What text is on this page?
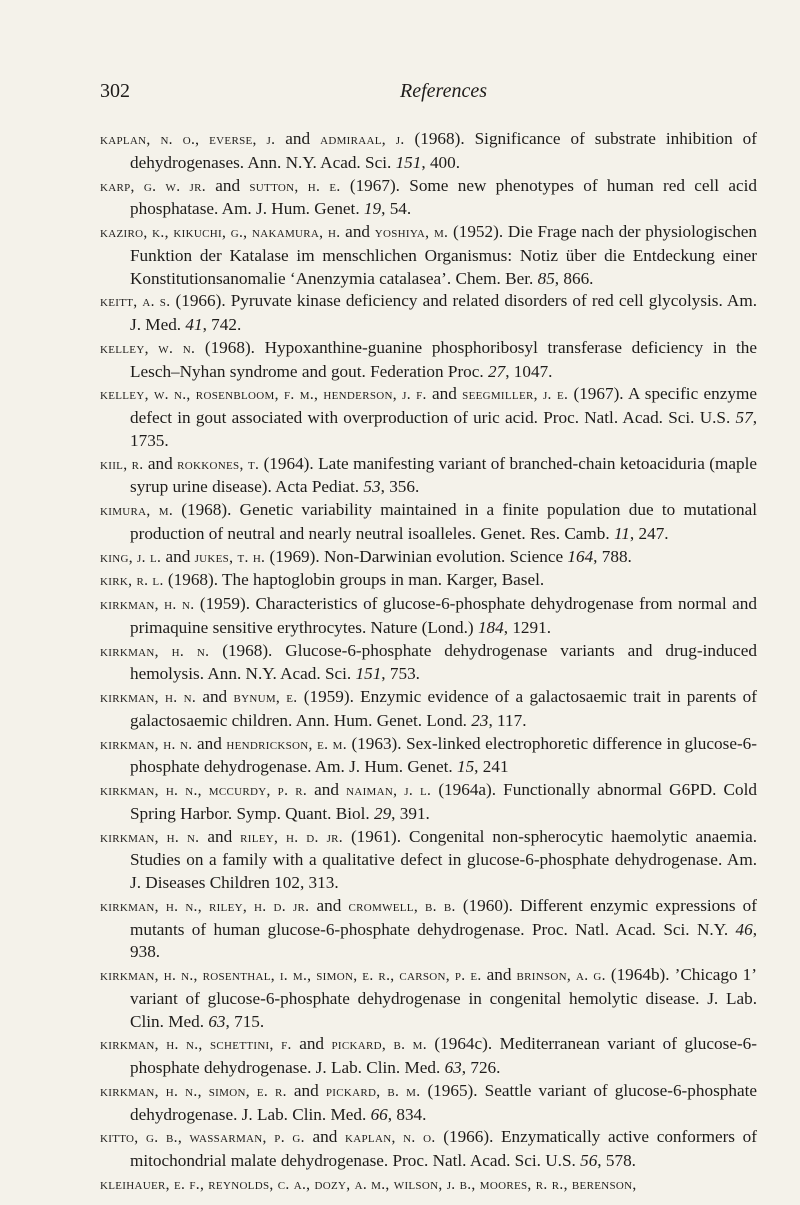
302	References

kaplan, n. o., everse, j. and admiraal, j. (1968). Significance of substrate inhibition of dehydrogenases. Ann. N.Y. Acad. Sci. 151, 400.

karp, g. w. jr. and sutton, h. e. (1967). Some new phenotypes of human red cell acid phosphatase. Am. J. Hum. Genet. 19, 54.

kaziro, k., kikuchi, g., nakamura, h. and yoshiya, m. (1952). Die Frage nach der physiologischen Funktion der Katalase im menschlichen Organismus: Notiz über die Entdeckung einer Konstitutionsanomalie ‘Anenzymia catalasea’. Chem. Ber. 85, 866.

keitt, a. s. (1966). Pyruvate kinase deficiency and related disorders of red cell glycolysis. Am. J. Med. 41, 742.

kelley, w. n. (1968). Hypoxanthine-guanine phosphoribosyl transferase deficiency in the Lesch–Nyhan syndrome and gout. Federation Proc. 27, 1047.

kelley, w. n., rosenbloom, f. m., henderson, j. f. and seegmiller, j. e. (1967). A specific enzyme defect in gout associated with overproduction of uric acid. Proc. Natl. Acad. Sci. U.S. 57, 1735.

kiil, r. and rokkones, t. (1964). Late manifesting variant of branched-chain ketoaciduria (maple syrup urine disease). Acta Pediat. 53, 356.

kimura, m. (1968). Genetic variability maintained in a finite population due to mutational production of neutral and nearly neutral isoalleles. Genet. Res. Camb. 11, 247.

king, j. l. and jukes, t. h. (1969). Non-Darwinian evolution. Science 164, 788.

kirk, r. l. (1968). The haptoglobin groups in man. Karger, Basel.

kirkman, h. n. (1959). Characteristics of glucose-6-phosphate dehydrogenase from normal and primaquine sensitive erythrocytes. Nature (Lond.) 184, 1291.

kirkman, h. n. (1968). Glucose-6-phosphate dehydrogenase variants and drug-induced hemolysis. Ann. N.Y. Acad. Sci. 151, 753.

kirkman, h. n. and bynum, e. (1959). Enzymic evidence of a galactosaemic trait in parents of galactosaemic children. Ann. Hum. Genet. Lond. 23, 117.

kirkman, h. n. and hendrickson, e. m. (1963). Sex-linked electrophoretic difference in glucose-6-phosphate dehydrogenase. Am. J. Hum. Genet. 15, 241

kirkman, h. n., mccurdy, p. r. and naiman, j. l. (1964a). Functionally abnormal G6PD. Cold Spring Harbor. Symp. Quant. Biol. 29, 391.

kirkman, h. n. and riley, h. d. jr. (1961). Congenital non-spherocytic haemolytic anaemia. Studies on a family with a qualitative defect in glucose-6-phosphate dehydrogenase. Am. J. Diseases Children 102, 313.

kirkman, h. n., riley, h. d. jr. and cromwell, b. b. (1960). Different enzymic expressions of mutants of human glucose-6-phosphate dehydrogenase. Proc. Natl. Acad. Sci. N.Y. 46, 938.

kirkman, h. n., rosenthal, i. m., simon, e. r., carson, p. e. and brinson, a. g. (1964b). ’Chicago 1’ variant of glucose-6-phosphate dehydrogenase in congenital hemolytic disease. J. Lab. Clin. Med. 63, 715.

kirkman, h. n., schettini, f. and pickard, b. m. (1964c). Mediterranean variant of glucose-6-phosphate dehydrogenase. J. Lab. Clin. Med. 63, 726.

kirkman, h. n., simon, e. r. and pickard, b. m. (1965). Seattle variant of glucose-6-phosphate dehydrogenase. J. Lab. Clin. Med. 66, 834.

kitto, g. b., wassarman, p. g. and kaplan, n. o. (1966). Enzymatically active conformers of mitochondrial malate dehydrogenase. Proc. Natl. Acad. Sci. U.S. 56, 578.

kleihauer, e. f., reynolds, c. a., dozy, a. m., wilson, j. b., moores, r. r., berenson,
